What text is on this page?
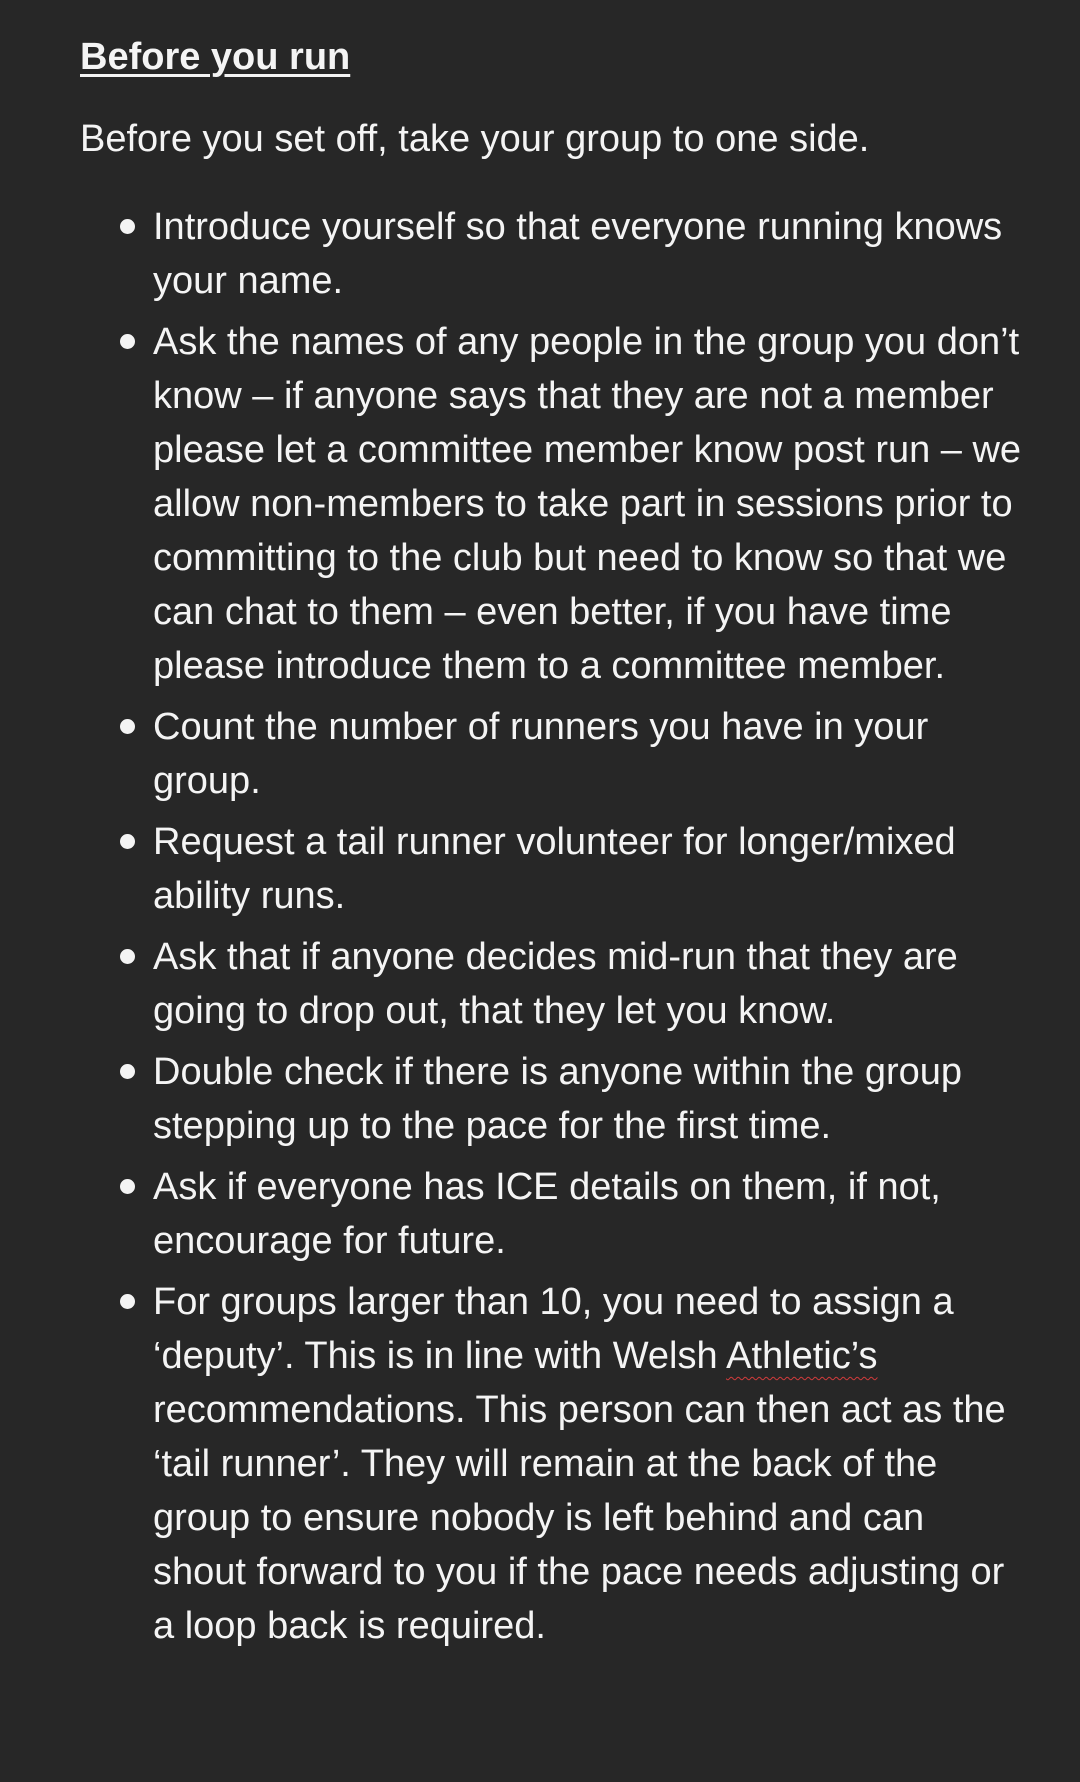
Before you run

Before you set off, take your group to one side.

Introduce yourself so that everyone running knows your name.
Ask the names of any people in the group you don’t know – if anyone says that they are not a member please let a committee member know post run – we allow non-members to take part in sessions prior to committing to the club but need to know so that we can chat to them – even better, if you have time please introduce them to a committee member.
Count the number of runners you have in your group.
Request a tail runner volunteer for longer/mixed ability runs.
Ask that if anyone decides mid-run that they are going to drop out, that they let you know.
Double check if there is anyone within the group stepping up to the pace for the first time.
Ask if everyone has ICE details on them, if not, encourage for future.
For groups larger than 10, you need to assign a ‘deputy’. This is in line with Welsh Athletic’s recommendations. This person can then act as the ‘tail runner’. They will remain at the back of the group to ensure nobody is left behind and can shout forward to you if the pace needs adjusting or a loop back is required.
